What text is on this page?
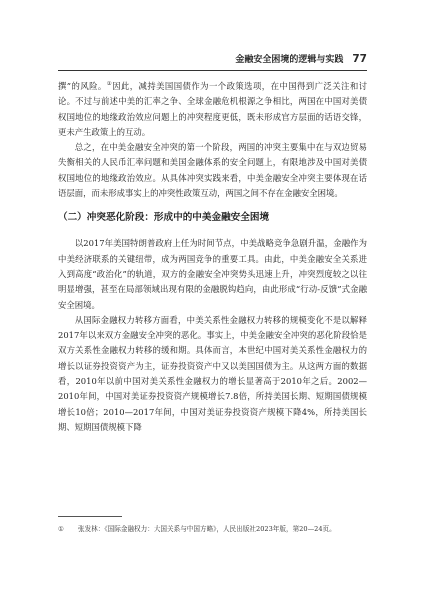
金融安全困境的逻辑与实践 77

撰”的风险。①因此，减持美国国债作为一个政策选项，在中国得到广泛关注和讨论。不过与前述中美的汇率之争、全球金融危机根源之争相比，两国在中国对美债权国地位的地缘政治效应问题上的冲突程度更低，既未形成官方层面的话语交锋，更未产生政策上的互动。

总之，在中美金融安全冲突的第一个阶段，两国的冲突主要集中在与双边贸易失衡相关的人民币汇率问题和美国金融体系的安全问题上，有限地涉及中国对美债权国地位的地缘政治效应。从具体冲突实践来看，中美金融安全冲突主要体现在话语层面，而未形成事实上的冲突性政策互动，两国之间不存在金融安全困境。

（二）冲突恶化阶段：形成中的中美金融安全困境

以2017年美国特朗普政府上任为时间节点，中美战略竞争急剧升温，金融作为中美经济联系的关键纽带，成为两国竞争的重要工具。由此，中美金融安全关系进入到高度“政治化”的轨道，双方的金融安全冲突势头迅速上升，冲突烈度较之以往明显增强，甚至在局部领域出现有限的金融脱钩趋向，由此形成“行动-反馈”式金融安全困境。

从国际金融权力转移方面看，中美关系性金融权力转移的规模变化不是以解释2017年以来双方金融安全冲突的恶化。事实上，中美金融安全冲突的恶化阶段恰是双方关系性金融权力转移的缓和期。具体而言，本世纪中国对美关系性金融权力的增长以证券投资资产为主，证券投资资产中又以美国国债为主。从这两方面的数据看，2010年以前中国对美关系性金融权力的增长显著高于2010年之后。2002—2010年间，中国对美证券投资资产规模增长7.8倍，所持美国长期、短期国债规模增长10倍；2010—2017年间，中国对美证券投资资产规模下降4%，所持美国长期、短期国债规模下降

① 张发林：《国际金融权力：大国关系与中国方略》，人民出版社2023年版，第20—24页。
